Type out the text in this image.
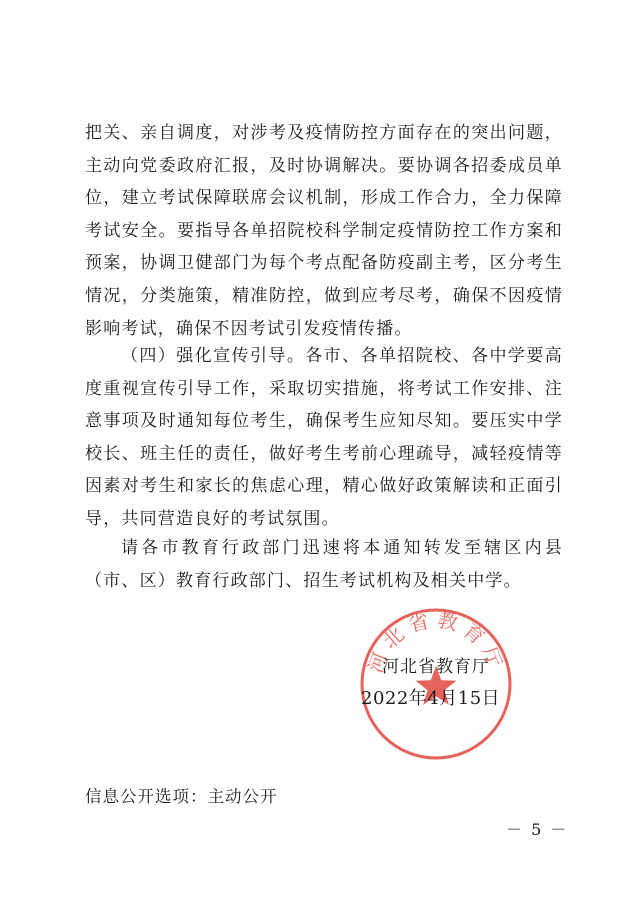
把关、亲自调度，对涉考及疫情防控方面存在的突出问题，主动向党委政府汇报，及时协调解决。要协调各招委成员单位，建立考试保障联席会议机制，形成工作合力，全力保障考试安全。要指导各单招院校科学制定疫情防控工作方案和预案，协调卫健部门为每个考点配备防疫副主考，区分考生情况，分类施策，精准防控，做到应考尽考，确保不因疫情影响考试，确保不因考试引发疫情传播。

（四）强化宣传引导。各市、各单招院校、各中学要高度重视宣传引导工作，采取切实措施，将考试工作安排、注意事项及时通知每位考生，确保考生应知尽知。要压实中学校长、班主任的责任，做好考生考前心理疏导，减轻疫情等因素对考生和家长的焦虑心理，精心做好政策解读和正面引导，共同营造良好的考试氛围。

请各市教育行政部门迅速将本通知转发至辖区内县（市、区）教育行政部门、招生考试机构及相关中学。

河北省教育厅
河北省教育厅
2022年4月15日
信息公开选项：主动公开
－ 5 －
